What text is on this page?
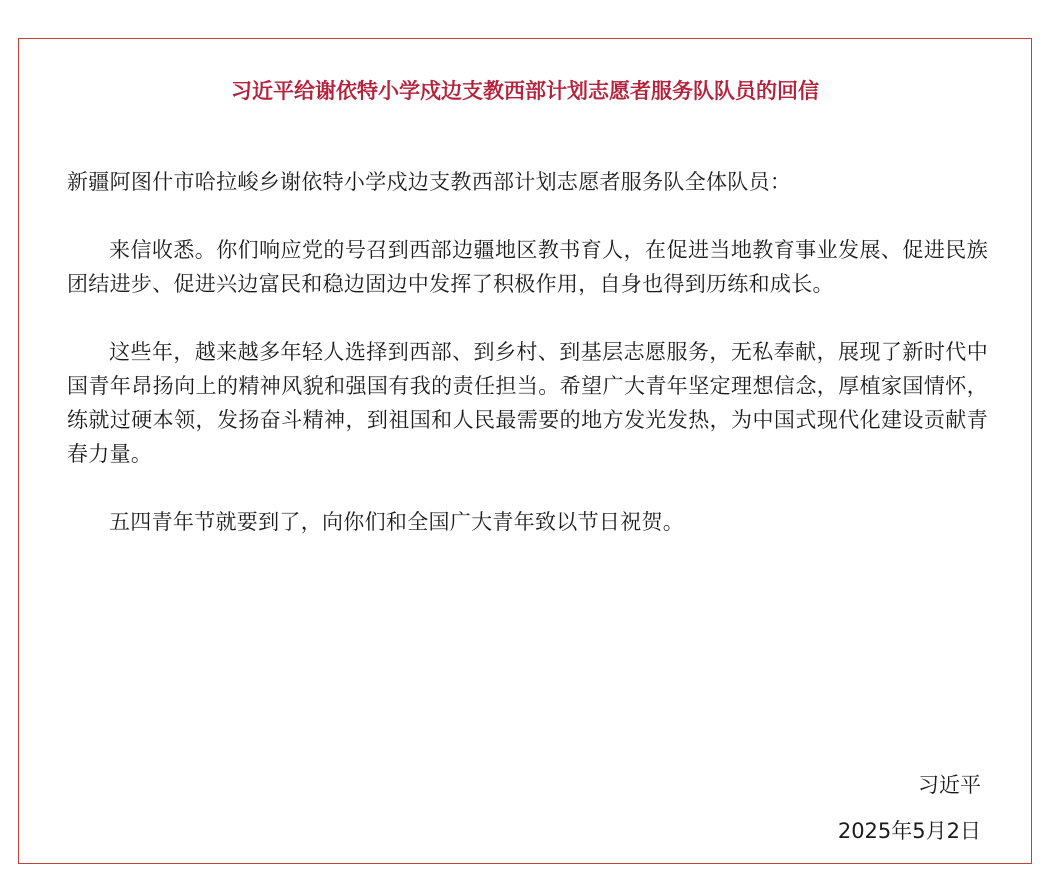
习近平给谢依特小学戍边支教西部计划志愿者服务队队员的回信

新疆阿图什市哈拉峻乡谢依特小学戍边支教西部计划志愿者服务队全体队员：

来信收悉。你们响应党的号召到西部边疆地区教书育人，在促进当地教育事业发展、促进民族团结进步、促进兴边富民和稳边固边中发挥了积极作用，自身也得到历练和成长。

这些年，越来越多年轻人选择到西部、到乡村、到基层志愿服务，无私奉献，展现了新时代中国青年昂扬向上的精神风貌和强国有我的责任担当。希望广大青年坚定理想信念，厚植家国情怀，练就过硬本领，发扬奋斗精神，到祖国和人民最需要的地方发光发热，为中国式现代化建设贡献青春力量。

五四青年节就要到了，向你们和全国广大青年致以节日祝贺。

习近平
2025年5月2日
